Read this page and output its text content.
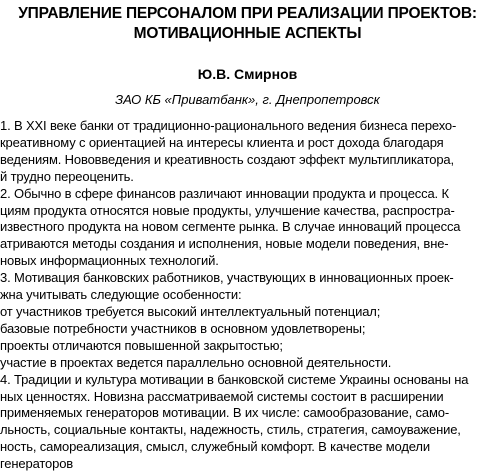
УПРАВЛЕНИЕ ПЕРСОНАЛОМ ПРИ РЕАЛИЗАЦИИ ПРОЕКТОВ:
МОТИВАЦИОННЫЕ АСПЕКТЫ
Ю.В. Смирнов
ЗАО КБ «Приватбанк», г. Днепропетровск
1. В XXI веке банки от традиционно-рационального ведения бизнеса перехо-
креативному с ориентацией на интересы клиента и рост дохода благодаря
ведениям. Нововведения и креативность создают эффект мультипликатора,
й трудно переоценить.
2. Обычно в сфере финансов различают инновации продукта и процесса. К
циям продукта относятся новые продукты, улучшение качества, распростра-
известного продукта на новом сегменте рынка. В случае инноваций процесса
атриваются методы создания и исполнения, новые модели поведения, вне-
новых информационных технологий.
3. Мотивация банковских работников, участвующих в инновационных проек-
жна учитывать следующие особенности:
от участников требуется высокий интеллектуальный потенциал;
базовые потребности участников в основном удовлетворены;
проекты отличаются повышенной закрытостью;
участие в проектах ведется параллельно основной деятельности.
4. Традиции и культура мотивации в банковской системе Украины основаны на
ных ценностях. Новизна рассматриваемой системы состоит в расширении
применяемых генераторов мотивации. В их числе: самообразование, само-
льность, социальные контакты, надежность, стиль, стратегия, самоуважение,
ность, самореализация, смысл, служебный комфорт. В качестве модели
генераторов
